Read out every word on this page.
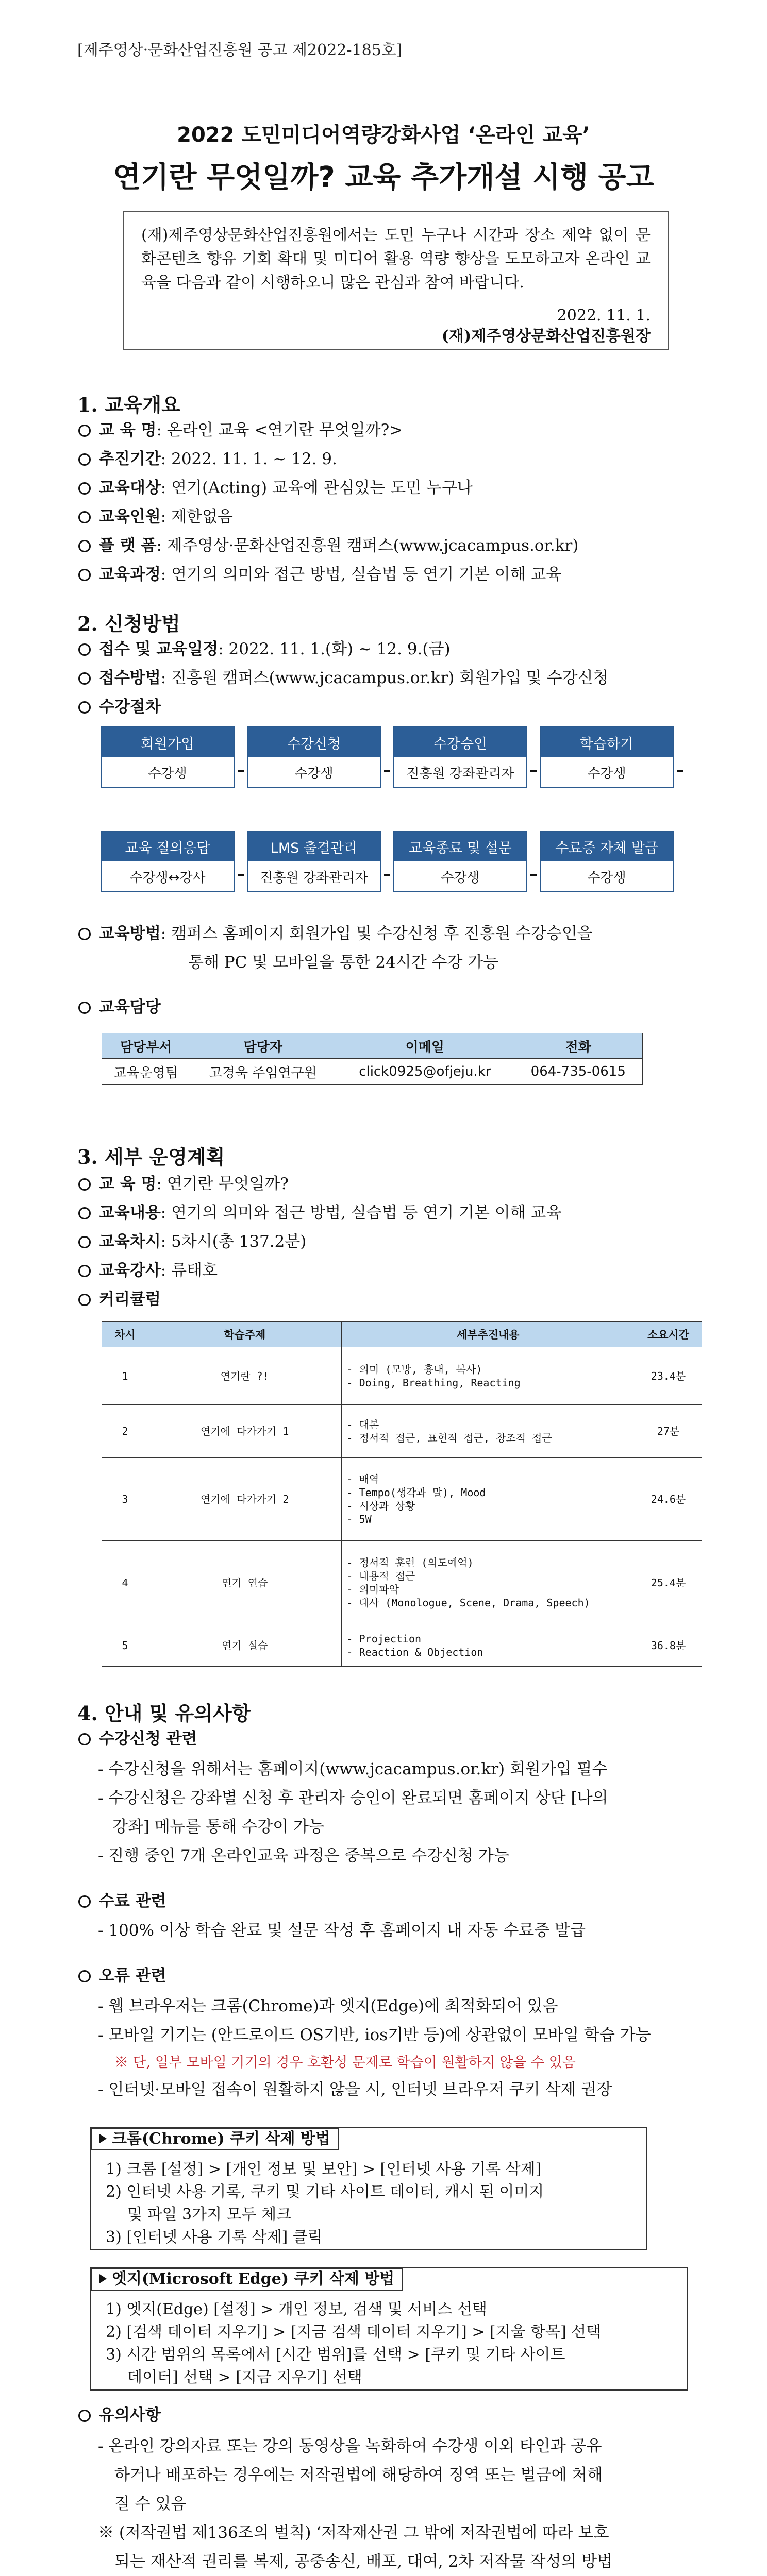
[제주영상·문화산업진흥원 공고 제2022-185호]
2022 도민미디어역량강화사업 ‘온라인 교육’
연기란 무엇일까? 교육 추가개설 시행 공고
(재)제주영상문화산업진흥원에서는 도민 누구나 시간과 장소 제약 없이 문화콘텐츠 향유 기회 확대 및 미디어 활용 역량 향상을 도모하고자 온라인 교육을 다음과 같이 시행하오니 많은 관심과 참여 바랍니다.
2022. 11. 1.
(재)제주영상문화산업진흥원장
1. 교육개요
교 육 명: 온라인 교육 <연기란 무엇일까?>
추진기간: 2022. 11. 1. ~ 12. 9.
교육대상: 연기(Acting) 교육에 관심있는 도민 누구나
교육인원: 제한없음
플 랫 폼: 제주영상·문화산업진흥원 캠퍼스(www.jcacampus.or.kr)
교육과정: 연기의 의미와 접근 방법, 실습법 등 연기 기본 이해 교육
2. 신청방법
접수 및 교육일정: 2022. 11. 1.(화) ~ 12. 9.(금)
접수방법: 진흥원 캠퍼스(www.jcacampus.or.kr) 회원가입 및 수강신청
수강절차
회원가입
수강생
수강신청
수강생
수강승인
진흥원 강좌관리자
학습하기
수강생
교육 질의응답
수강생↔강사
LMS 출결관리
진흥원 강좌관리자
교육종료 및 설문
수강생
수료증 자체 발급
수강생
교육방법: 캠퍼스 홈페이지 회원가입 및 수강신청 후 진흥원 수강승인을
통해 PC 및 모바일을 통한 24시간 수강 가능
교육담당
담당부서	담당자	이메일	전화
교육운영팀	고경욱 주임연구원	click0925@ofjeju.kr	064-735-0615
3. 세부 운영계획
교 육 명: 연기란 무엇일까?
교육내용: 연기의 의미와 접근 방법, 실습법 등 연기 기본 이해 교육
교육차시: 5차시(총 137.2분)
교육강사: 류태호
커리큘럼
차시	학습주제	세부추진내용	소요시간
1	연기란 ?!	- 의미 (모방, 흉내, 복사)
- Doing, Breathing, Reacting	23.4분
2	연기에 다가가기 1	- 대본
- 정서적 접근, 표현적 접근, 창조적 접근	27분
3	연기에 다가가기 2	- 배역
- Tempo(생각과 말), Mood
- 시상과 상황
- 5W	24.6분
4	연기 연습	- 정서적 훈련 (의도예억)
- 내용적 접근
- 의미파악
- 대사 (Monologue, Scene, Drama, Speech)	25.4분
5	연기 실습	- Projection
- Reaction & Objection	36.8분
4. 안내 및 유의사항
수강신청 관련
- 수강신청을 위해서는 홈페이지(www.jcacampus.or.kr) 회원가입 필수
- 수강신청은 강좌별 신청 후 관리자 승인이 완료되면 홈페이지 상단 [나의
강좌] 메뉴를 통해 수강이 가능
- 진행 중인 7개 온라인교육 과정은 중복으로 수강신청 가능
수료 관련
- 100% 이상 학습 완료 및 설문 작성 후 홈페이지 내 자동 수료증 발급
오류 관련
- 웹 브라우저는 크롬(Chrome)과 엣지(Edge)에 최적화되어 있음
- 모바일 기기는 (안드로이드 OS기반, ios기반 등)에 상관없이 모바일 학습 가능
※ 단, 일부 모바일 기기의 경우 호환성 문제로 학습이 원활하지 않을 수 있음
- 인터넷·모바일 접속이 원활하지 않을 시, 인터넷 브라우저 쿠키 삭제 권장
크롬(Chrome) 쿠키 삭제 방법
1) 크롬 [설정] > [개인 정보 및 보안] > [인터넷 사용 기록 삭제]
2) 인터넷 사용 기록, 쿠키 및 기타 사이트 데이터, 캐시 된 이미지
및 파일 3가지 모두 체크
3) [인터넷 사용 기록 삭제] 클릭
엣지(Microsoft Edge) 쿠키 삭제 방법
1) 엣지(Edge) [설정] > 개인 정보, 검색 및 서비스 선택
2) [검색 데이터 지우기] > [지금 검색 데이터 지우기] > [지울 항목] 선택
3) 시간 범위의 목록에서 [시간 범위]를 선택 > [쿠키 및 기타 사이트
데이터] 선택 > [지금 지우기] 선택
유의사항
- 온라인 강의자료 또는 강의 동영상을 녹화하여 수강생 이외 타인과 공유
하거나 배포하는 경우에는 저작권법에 해당하여 징역 또는 벌금에 처해
질 수 있음
※ (저작권법 제136조의 벌칙) ‘저작재산권 그 밖에 저작권법에 따라 보호
되는 재산적 권리를 복제, 공중송신, 배포, 대여, 2차 저작물 작성의 방법
